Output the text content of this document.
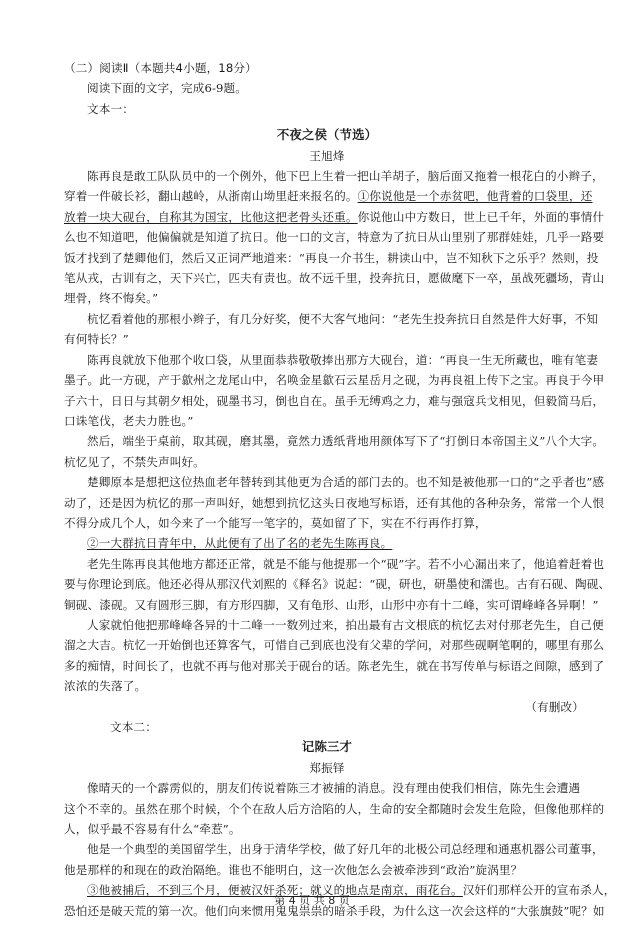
（二）阅读Ⅱ（本题共4小题，18分）
阅读下面的文字，完成6-9题。
文本一：
不夜之侯（节选）
王旭烽
陈再良是敢工队队员中的一个例外，他下巴上生着一把山羊胡子，脑后面又拖着一根花白的小辫子，
穿着一件破长衫，翻山越岭，从浙南山坳里赶来报名的。①你说他是一个赤贫吧，他背着的口袋里，还
放着一块大砚台，自称其为国宝，比他这把老骨头还重。你说他山中方数日，世上已千年，外面的事情什
么也不知道吧，他偏偏就是知道了抗日。他一口的文言，特意为了抗日从山里别了那群娃娃，几乎一路要
饭才找到了楚卿他们，然后又正词严地道来：“再良一介书生，耕读山中，岂不知秋下之乐乎？然则，投
笔从戎，古训有之，天下兴亡，匹夫有责也。故不远千里，投奔抗日，愿做麾下一卒，虽战死疆场，青山
埋骨，终不悔矣。”
杭忆看着他的那根小辫子，有几分好奖，便不大客气地问：“老先生投奔抗日自然是件大好事，不知
有何特长？”
陈再良就放下他那个收口袋，从里面恭恭敬敬捧出那方大砚台，道：“再良一生无所藏也，唯有笔妻
墨子。此一方砚，产于歙州之龙尾山中，名唤金星歙石云星岳月之砚，为再良祖上传下之宝。再良于今甲
子六十，日日与其朝夕相处，砚墨书习，倒也自在。虽手无缚鸡之力，难与强寇兵戈相见，但毅简马后，
口诛笔伐，老夫力胜也。”
然后，端坐于桌前，取其砚，磨其墨，竟然力透纸背地用颜体写下了“打倒日本帝国主义”八个大字。
杭忆见了，不禁失声叫好。
楚卿原本是想把这位热血老年替转到其他更为合适的部门去的。也不知是被他那一口的“之乎者也”感
动了，还是因为杭忆的那一声叫好，她想到抗忆这头日夜地写标语，还有其他的各种杂务，常常一个人恨
不得分成几个人，如今来了一个能写一笔字的，莫如留了下，实在不行再作打算，
②一大群抗日青年中，从此便有了出了名的老先生陈再良。
老先生陈再良其他地方都还正常，就是不能与他提那一个“砚”字。若不小心漏出来了，他追着赶着也
要与你理论到底。他还必得从那汉代刘熙的《释名》说起：“砚，研也，研墨使和濡也。古有石砚、陶砚、
铜砚、漆砚。又有圆形三脚，有方形四脚，又有龟形、山形，山形中亦有十二峰，实可谓峰峰各异啊！”
人家就怕他把那峰峰各异的十二峰一一数列过来，拍出最有古文根底的杭忆去对付那老先生，自己便
溜之大吉。杭忆一开始倒也还算客气，可惜自己到底也没有父辈的学问，对那些砚啊笔啊的，哪里有那么
多的痴情，时间长了，也就不再与他对那关于砚台的话。陈老先生，就在书写传单与标语之间隙，感到了
浓浓的失落了。
（有删改）
文本二：
记陈三才
郑振铎
像晴天的一个霹雳似的，朋友们传说着陈三才被捕的消息。没有理由使我们相信，陈先生会遭遇
这个不幸的。虽然在那个时候，个个在敌人后方洽陷的人，生命的安全都随时会发生危险，但像他那样的
人，似乎最不容易有什么“牵惹”。
他是一个典型的美国留学生，出身于清华学校，做了好几年的北极公司总经理和通惠机器公司董事，
他是那样的和现在的政治隔绝。谁也不能明白，这一次他怎么会被牵涉到“政治”旋涡里？
③他被捕后，不到三个月，便被汉奸杀死；就义的地点是南京，雨花台。汉奸们那样公开的宣布杀人，
恐怕还是破天荒的第一次。他们向来惯用鬼鬼祟祟的暗杀手段，为什么这一次会这样的“大张旗鼓”呢？如
第 4 页 共 8 页
